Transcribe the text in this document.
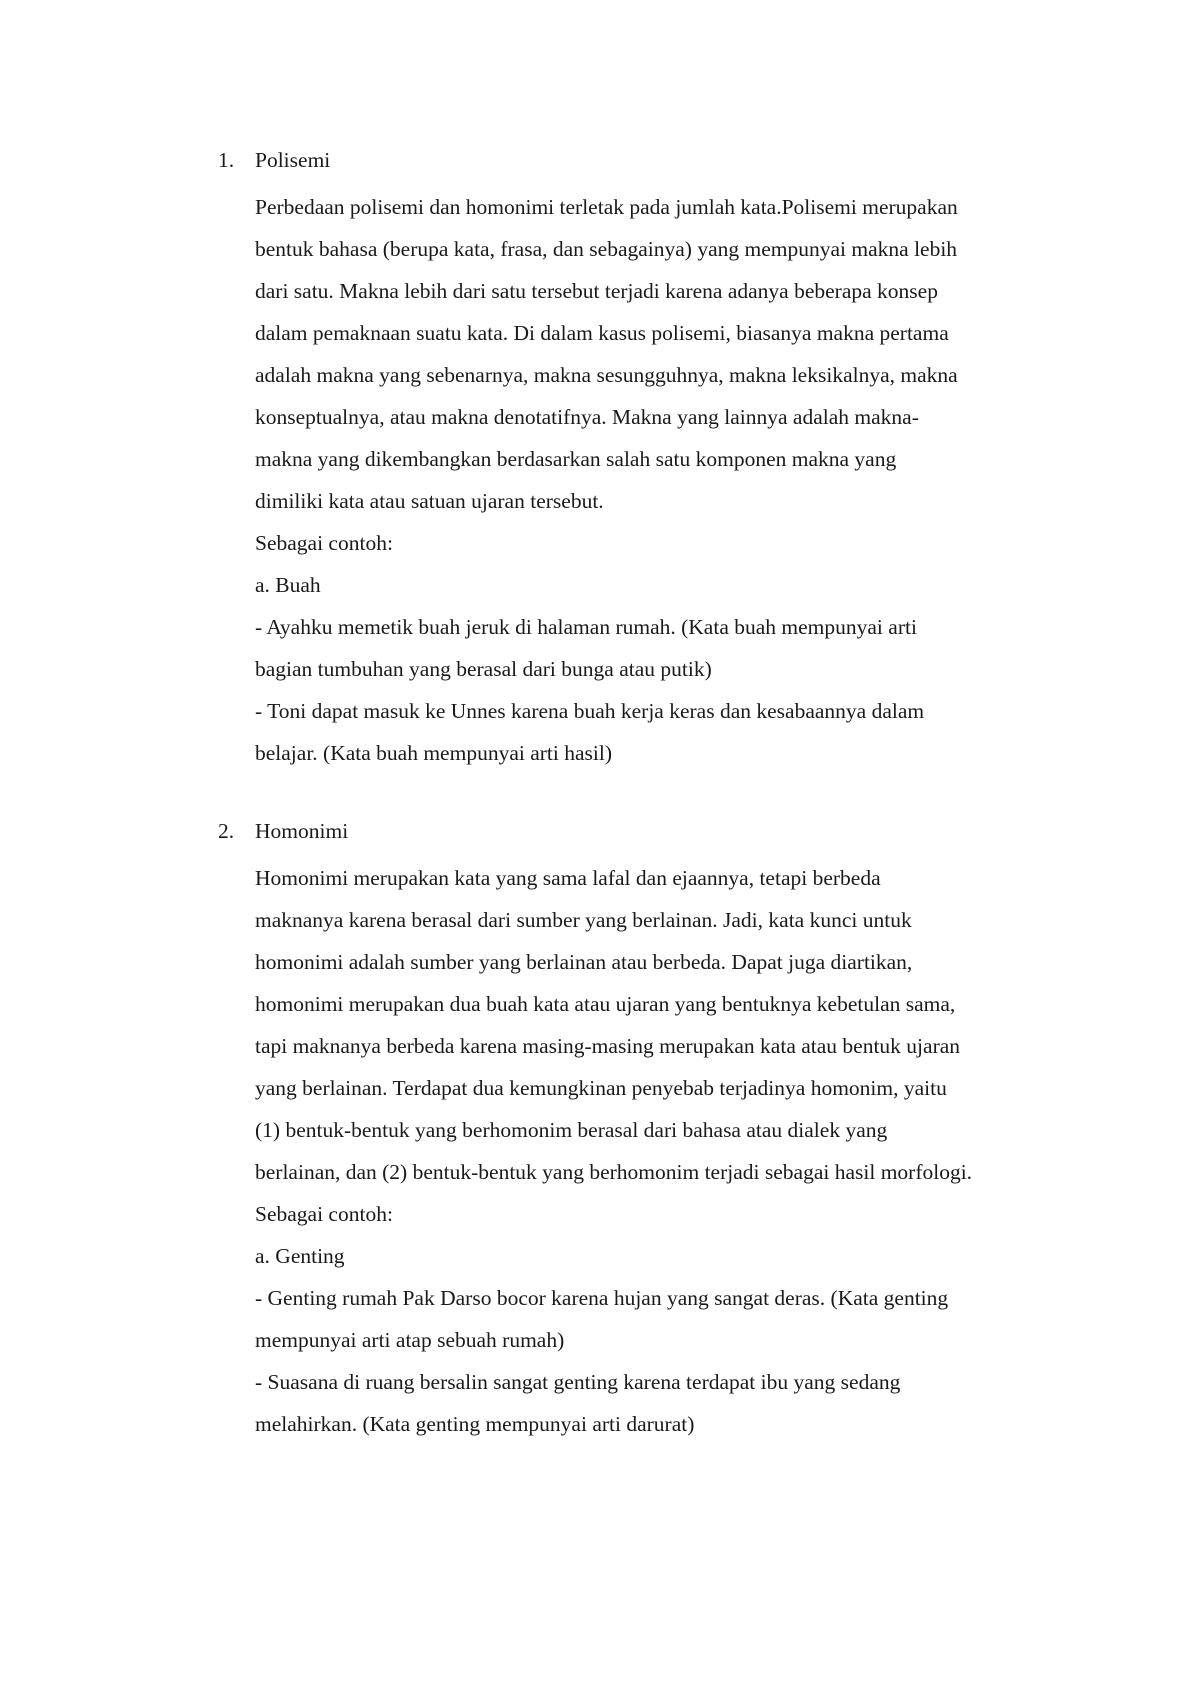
1. Polisemi
Perbedaan polisemi dan homonimi terletak pada jumlah kata.Polisemi merupakan
bentuk bahasa (berupa kata, frasa, dan sebagainya) yang mempunyai makna lebih
dari satu. Makna lebih dari satu tersebut terjadi karena adanya beberapa konsep
dalam pemaknaan suatu kata. Di dalam kasus polisemi, biasanya makna pertama
adalah makna yang sebenarnya, makna sesungguhnya, makna leksikalnya, makna
konseptualnya, atau makna denotatifnya. Makna yang lainnya adalah makna-
makna yang dikembangkan berdasarkan salah satu komponen makna yang
dimiliki kata atau satuan ujaran tersebut.
Sebagai contoh:
a. Buah
- Ayahku memetik buah jeruk di halaman rumah. (Kata buah mempunyai arti
bagian tumbuhan yang berasal dari bunga atau putik)
- Toni dapat masuk ke Unnes karena buah kerja keras dan kesabaannya dalam
belajar. (Kata buah mempunyai arti hasil)
2. Homonimi
Homonimi merupakan kata yang sama lafal dan ejaannya, tetapi berbeda
maknanya karena berasal dari sumber yang berlainan. Jadi, kata kunci untuk
homonimi adalah sumber yang berlainan atau berbeda. Dapat juga diartikan,
homonimi merupakan dua buah kata atau ujaran yang bentuknya kebetulan sama,
tapi maknanya berbeda karena masing-masing merupakan kata atau bentuk ujaran
yang berlainan. Terdapat dua kemungkinan penyebab terjadinya homonim, yaitu
(1) bentuk-bentuk yang berhomonim berasal dari bahasa atau dialek yang
berlainan, dan (2) bentuk-bentuk yang berhomonim terjadi sebagai hasil morfologi.
Sebagai contoh:
a. Genting
- Genting rumah Pak Darso bocor karena hujan yang sangat deras. (Kata genting
mempunyai arti atap sebuah rumah)
- Suasana di ruang bersalin sangat genting karena terdapat ibu yang sedang
melahirkan. (Kata genting mempunyai arti darurat)
